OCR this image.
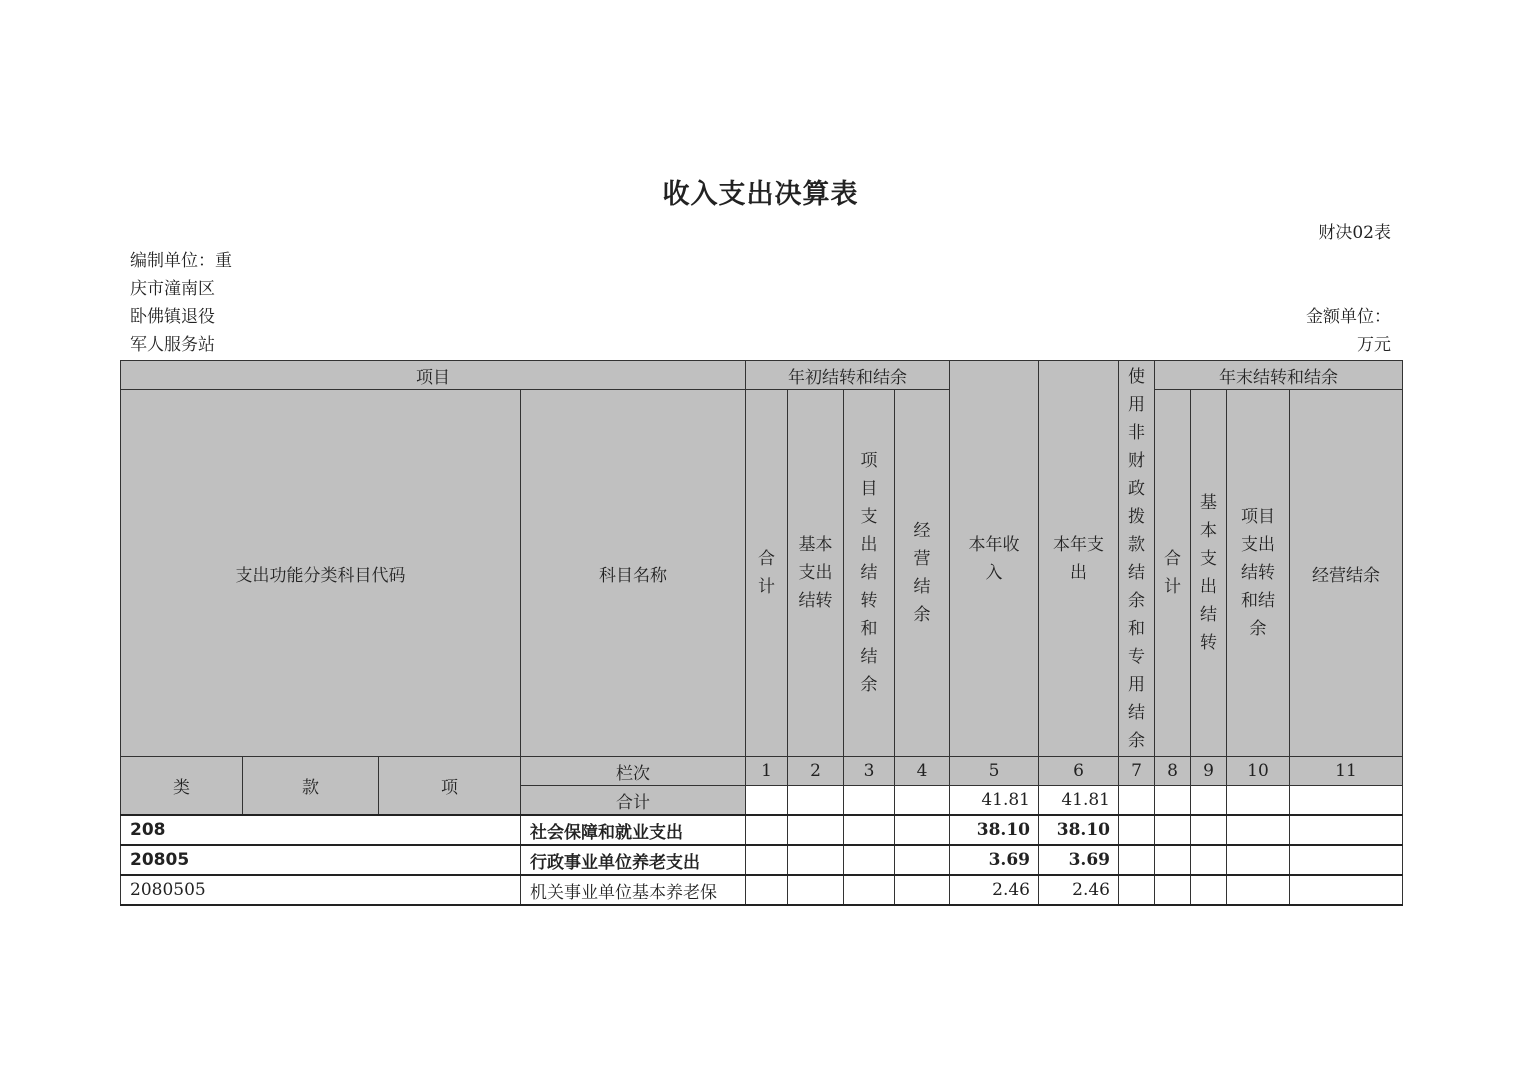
收入支出决算表
财决02表
编制单位：重
庆市潼南区
卧佛镇退役
军人服务站
金额单位：
万元
项目				年初结转和结余				本年收入	本年支出	使用非财政拨款结余和专用结余	年末结转和结余			
支出功能分类科目代码			科目名称	合计	基本支出结转	项目支出结转和结余	经营结余				合计	基本支出结转	项目支出结转和结余	经营结余
类	款	项	栏次	1	2	3	4	5	6	7	8	9	10	11
			合计					41.81	41.81					
208			社会保障和就业支出					38.10	38.10					
20805			行政事业单位养老支出					3.69	3.69					
2080505			机关事业单位基本养老保					2.46	2.46					
